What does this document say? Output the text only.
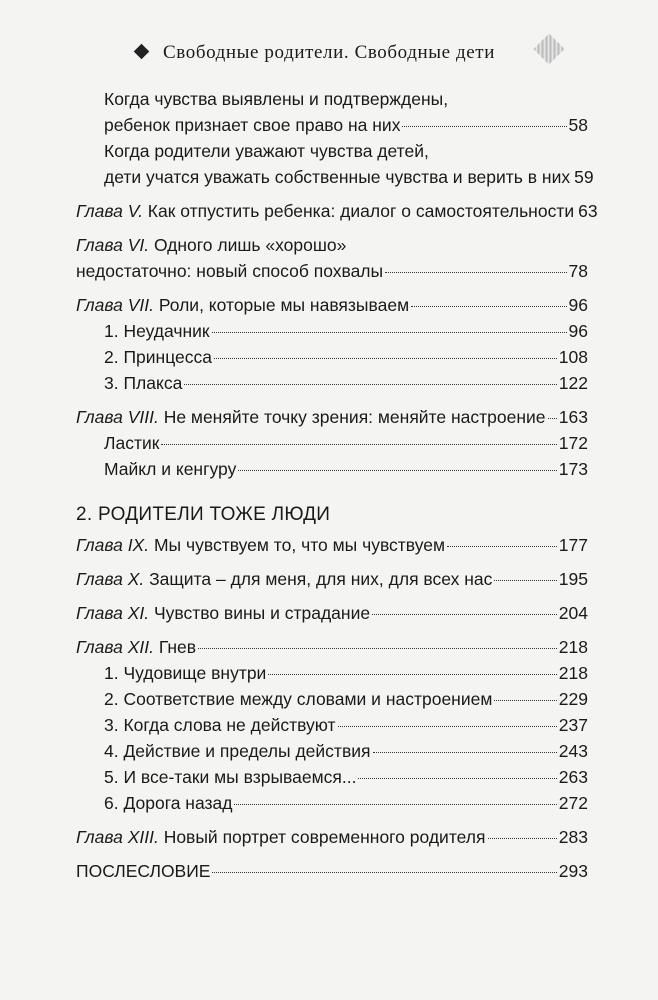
Свободные родители. Свободные дети
Когда чувства выявлены и подтверждены,
ребенок признает свое право на них	58
Когда родители уважают чувства детей,
дети учатся уважать собственные чувства и верить в них 59
Глава V. Как отпустить ребенка: диалог о самостоятельности 63
Глава VI. Одного лишь «хорошо»
недостаточно: новый способ похвалы	78
Глава VII. Роли, которые мы навязываем	96
1. Неудачник	96
2. Принцесса	108
3. Плакса	122
Глава VIII. Не меняйте точку зрения: меняйте настроение 163
Ластик	172
Майкл и кенгуру	173
2. РОДИТЕЛИ ТОЖЕ ЛЮДИ
Глава IX. Мы чувствуем то, что мы чувствуем	177
Глава X. Защита – для меня, для них, для всех нас	195
Глава XI. Чувство вины и страдание	204
Глава XII. Гнев	218
1. Чудовище внутри	218
2. Соответствие между словами и настроением	229
3. Когда слова не действуют	237
4. Действие и пределы действия	243
5. И все-таки мы взрываемся...	263
6. Дорога назад	272
Глава XIII. Новый портрет современного родителя	283
ПОСЛЕСЛОВИЕ	293
